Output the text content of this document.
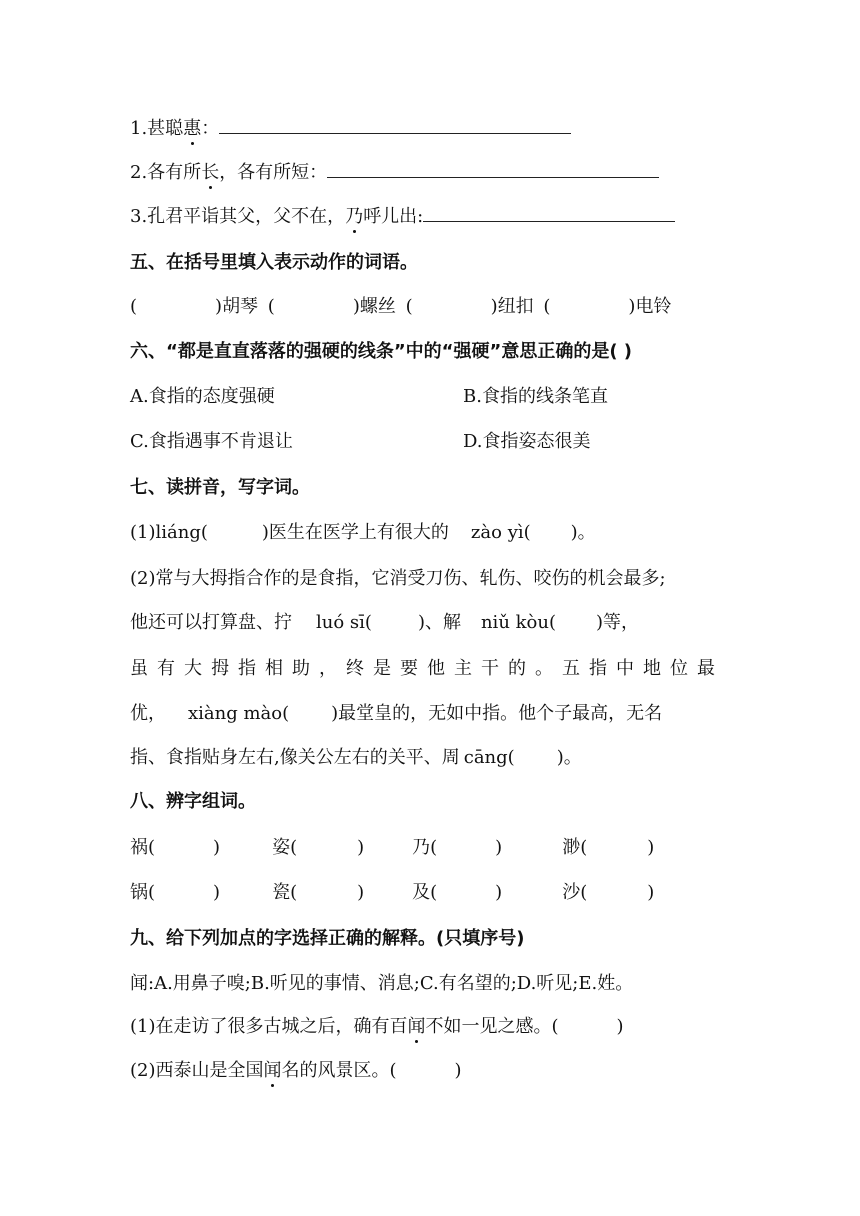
1.甚聪惠：
2.各有所长，各有所短：
3.孔君平诣其父，父不在，乃呼儿出:
五、在括号里填入表示动作的词语。
(	)胡琴 (	)螺丝 (	)纽扣 (	)电铃
六、“都是直直落落的强硬的线条”中的“强硬”意思正确的是( )
A.食指的态度强硬	B.食指的线条笔直
C.食指遇事不肯退让	D.食指姿态很美
七、读拼音，写字词。
(1)liáng(	)医生在医学上有很大的 zào yì( )。
(2)常与大拇指合作的是食指，它消受刀伤、轧伤、咬伤的机会最多;
他还可以打算盘、拧 luó sī(	)、解 niǔ kòu( )等，
虽有大拇指相助，终是要他主干的。五指中地位最
优， xiàng mào( )最堂皇的，无如中指。他个子最高，无名
指、食指贴身左右,像关公左右的关平、周 cāng( )。
八、辨字组词。
祸(	)	姿(	)	乃(	)	渺(	)
锅(	)	瓷(	)	及(	)	沙(	)
九、给下列加点的字选择正确的解释。(只填序号)
闻:A.用鼻子嗅;B.听见的事情、消息;C.有名望的;D.听见;E.姓。
(1)在走访了很多古城之后，确有百闻不如一见之感。(	)
(2)西泰山是全国闻名的风景区。(	)
